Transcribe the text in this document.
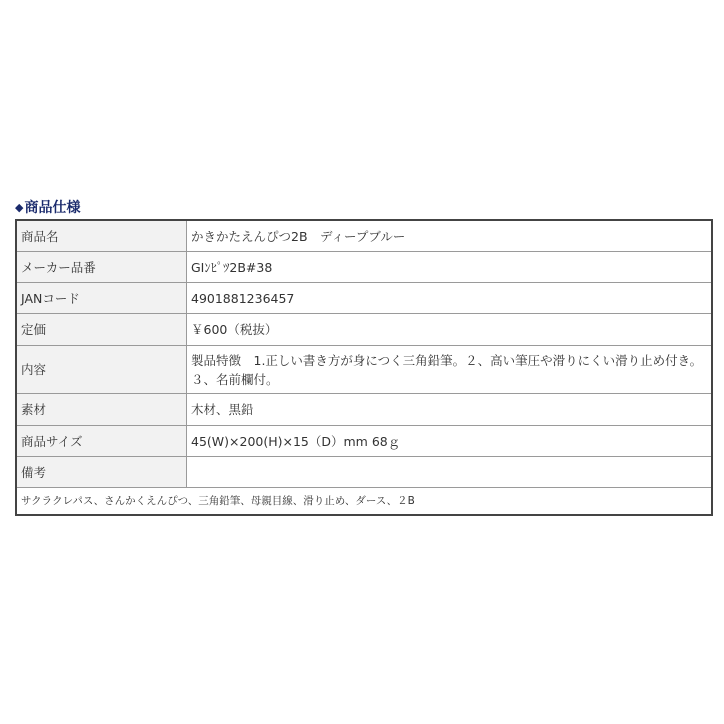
◆ 商品仕様
商品名	かきかたえんぴつ2B　ディープブルー
メーカー品番	GIﾝﾋﾟﾂ2B#38
JANコード	4901881236457
定価	￥600（税抜）
内容	製品特徴　1.正しい書き方が身につく三角鉛筆。２、高い筆圧や滑りにくい滑り止め付き。３、名前欄付。
素材	木材、黒鉛
商品サイズ	45(W)×200(H)×15（D）mm 68ｇ
備考	
サクラクレパス、さんかくえんぴつ、三角鉛筆、母親目線、滑り止め、ダース、２B	
